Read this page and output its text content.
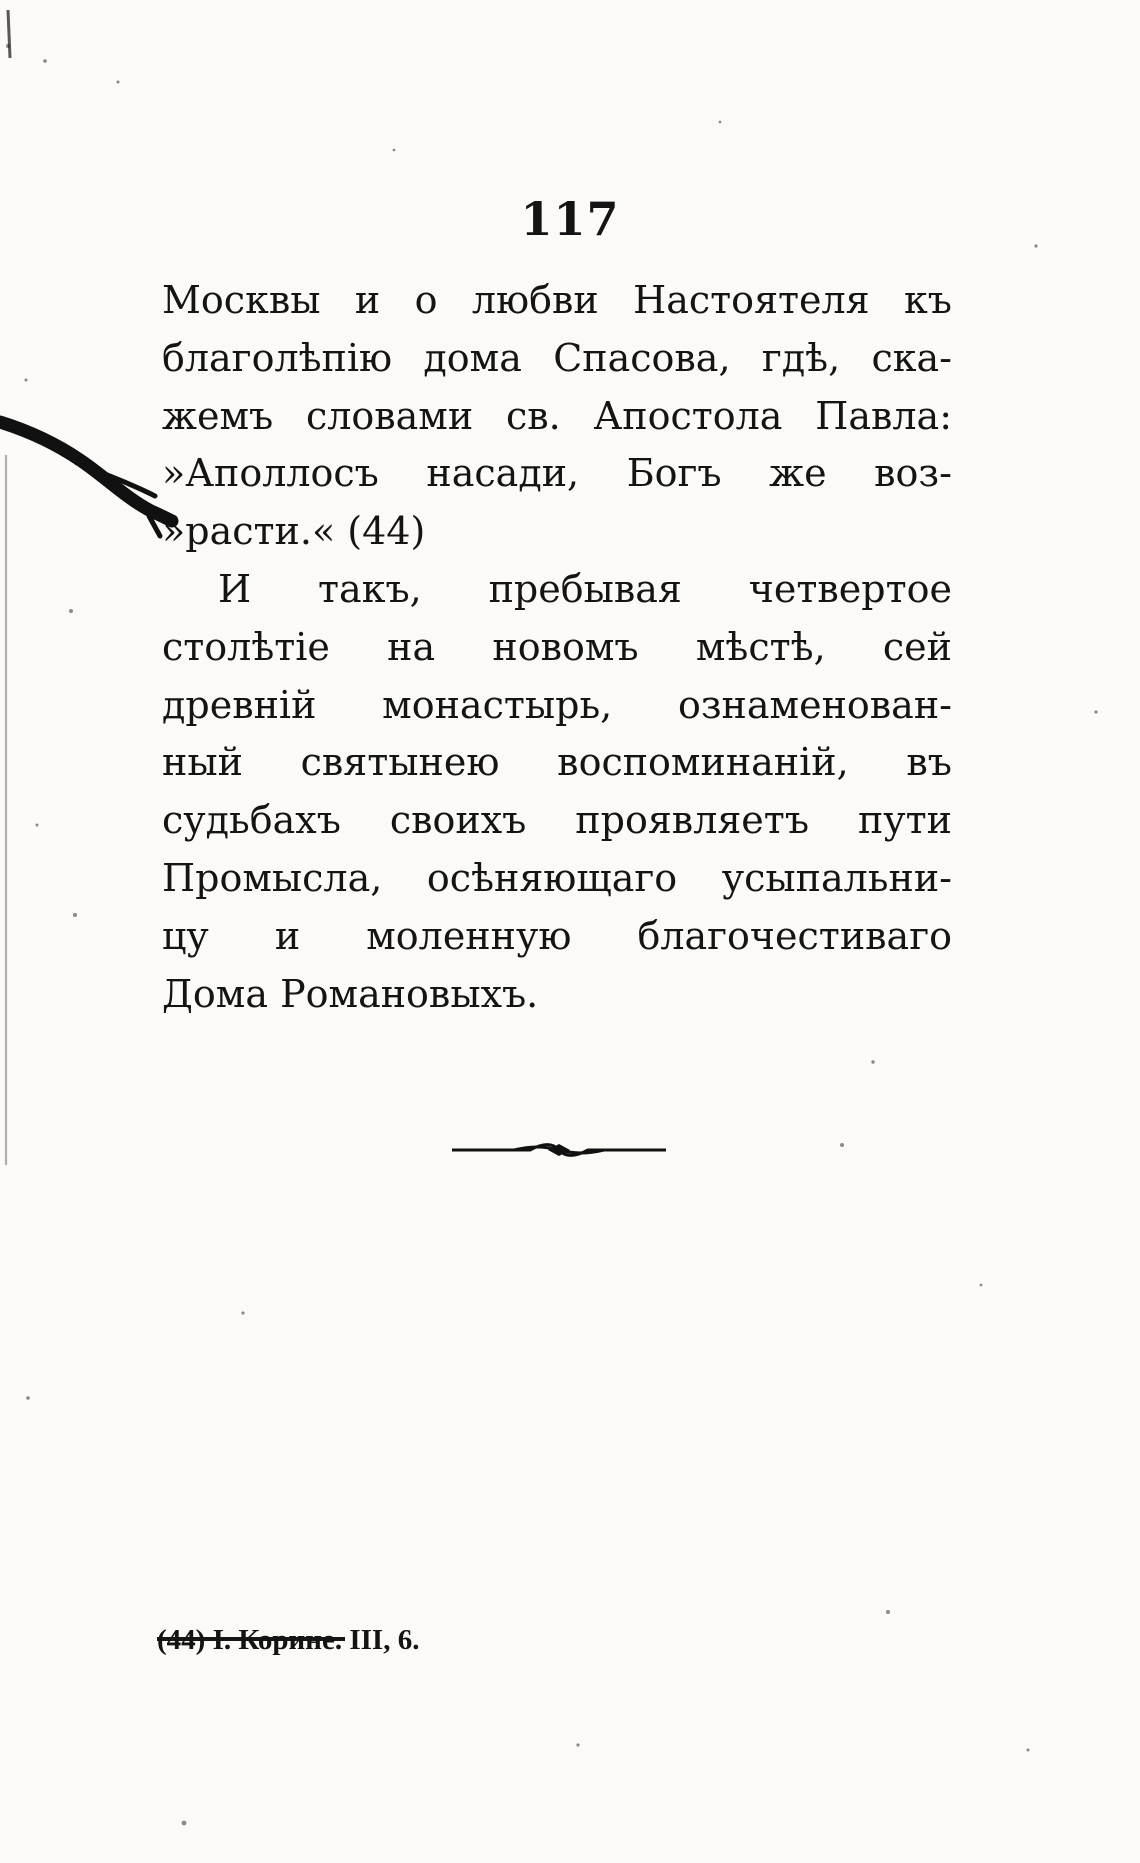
117
Москвы и о любви Настоятеля къ
благолѣпію дома Спасова, гдѣ, ска-
жемъ словами св. Апостола Павла:
»Аполлосъ насади, Богъ же воз-
»расти.« (44)
И такъ, пребывая четвертое
столѣтіе на новомъ мѣстѣ, сей
древній монастырь, ознаменован-
ный святынею воспоминаній, въ
судьбахъ своихъ проявляетъ пути
Промысла, осѣняющаго усыпальни-
цу и моленную благочестиваго
Дома Романовыхъ.
(44) I. Корине. III, 6.
